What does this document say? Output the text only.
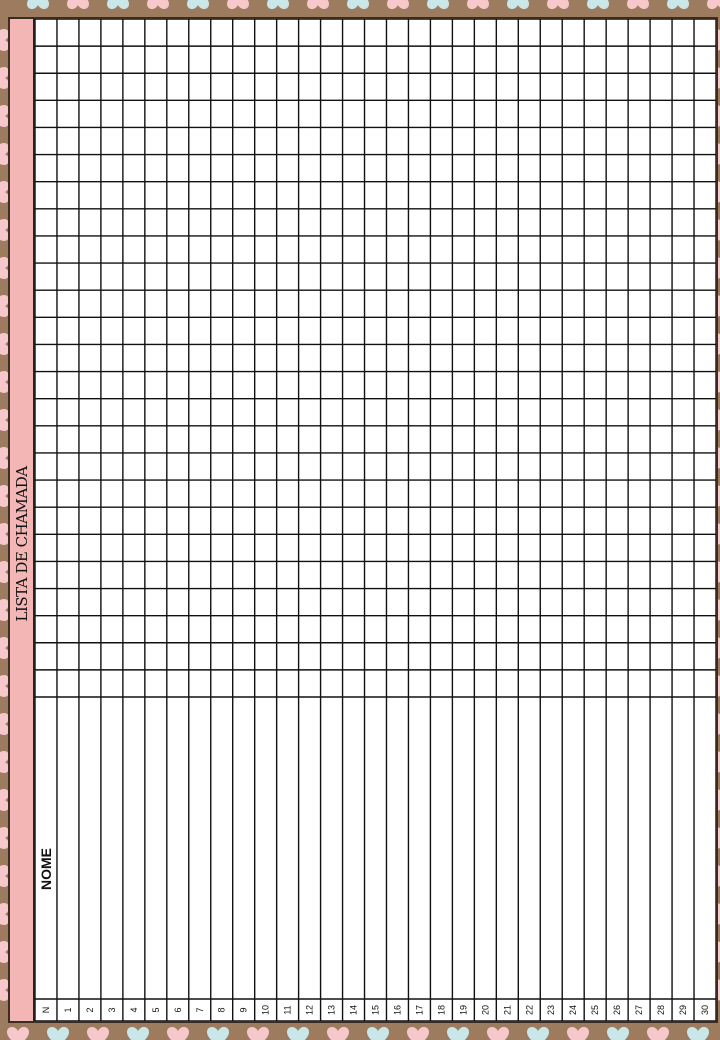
LISTA DE CHAMADA
N 1 2 3 4 5 6 7 8 9 10 11 12 13 14 15 16 17 18 19 20 21 22 23 24 25 26 27 28 29 30
NOME
